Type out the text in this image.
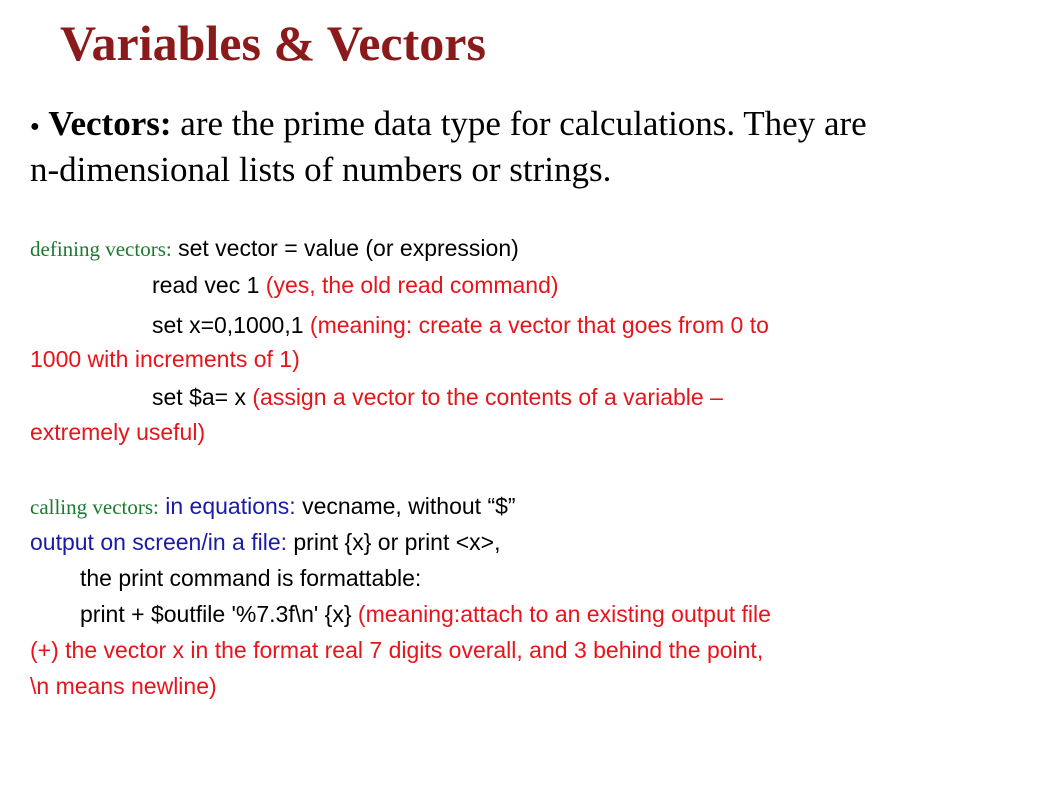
Variables & Vectors
● Vectors: are the prime data type for calculations. They are
n-dimensional lists of numbers or strings.
defining vectors: set vector = value (or expression)
read vec 1 (yes, the old read command)
set x=0,1000,1 (meaning: create a vector that goes from 0 to
1000 with increments of 1)
set $a= x (assign a vector to the contents of a variable –
extremely useful)
calling vectors: in equations: vecname, without “$”
output on screen/in a file: print {x} or print <x>,
the print command is formattable:
print + $outfile '%7.3f\n' {x} (meaning:attach to an existing output file
(+) the vector x in the format real 7 digits overall, and 3 behind the point,
\n means newline)
